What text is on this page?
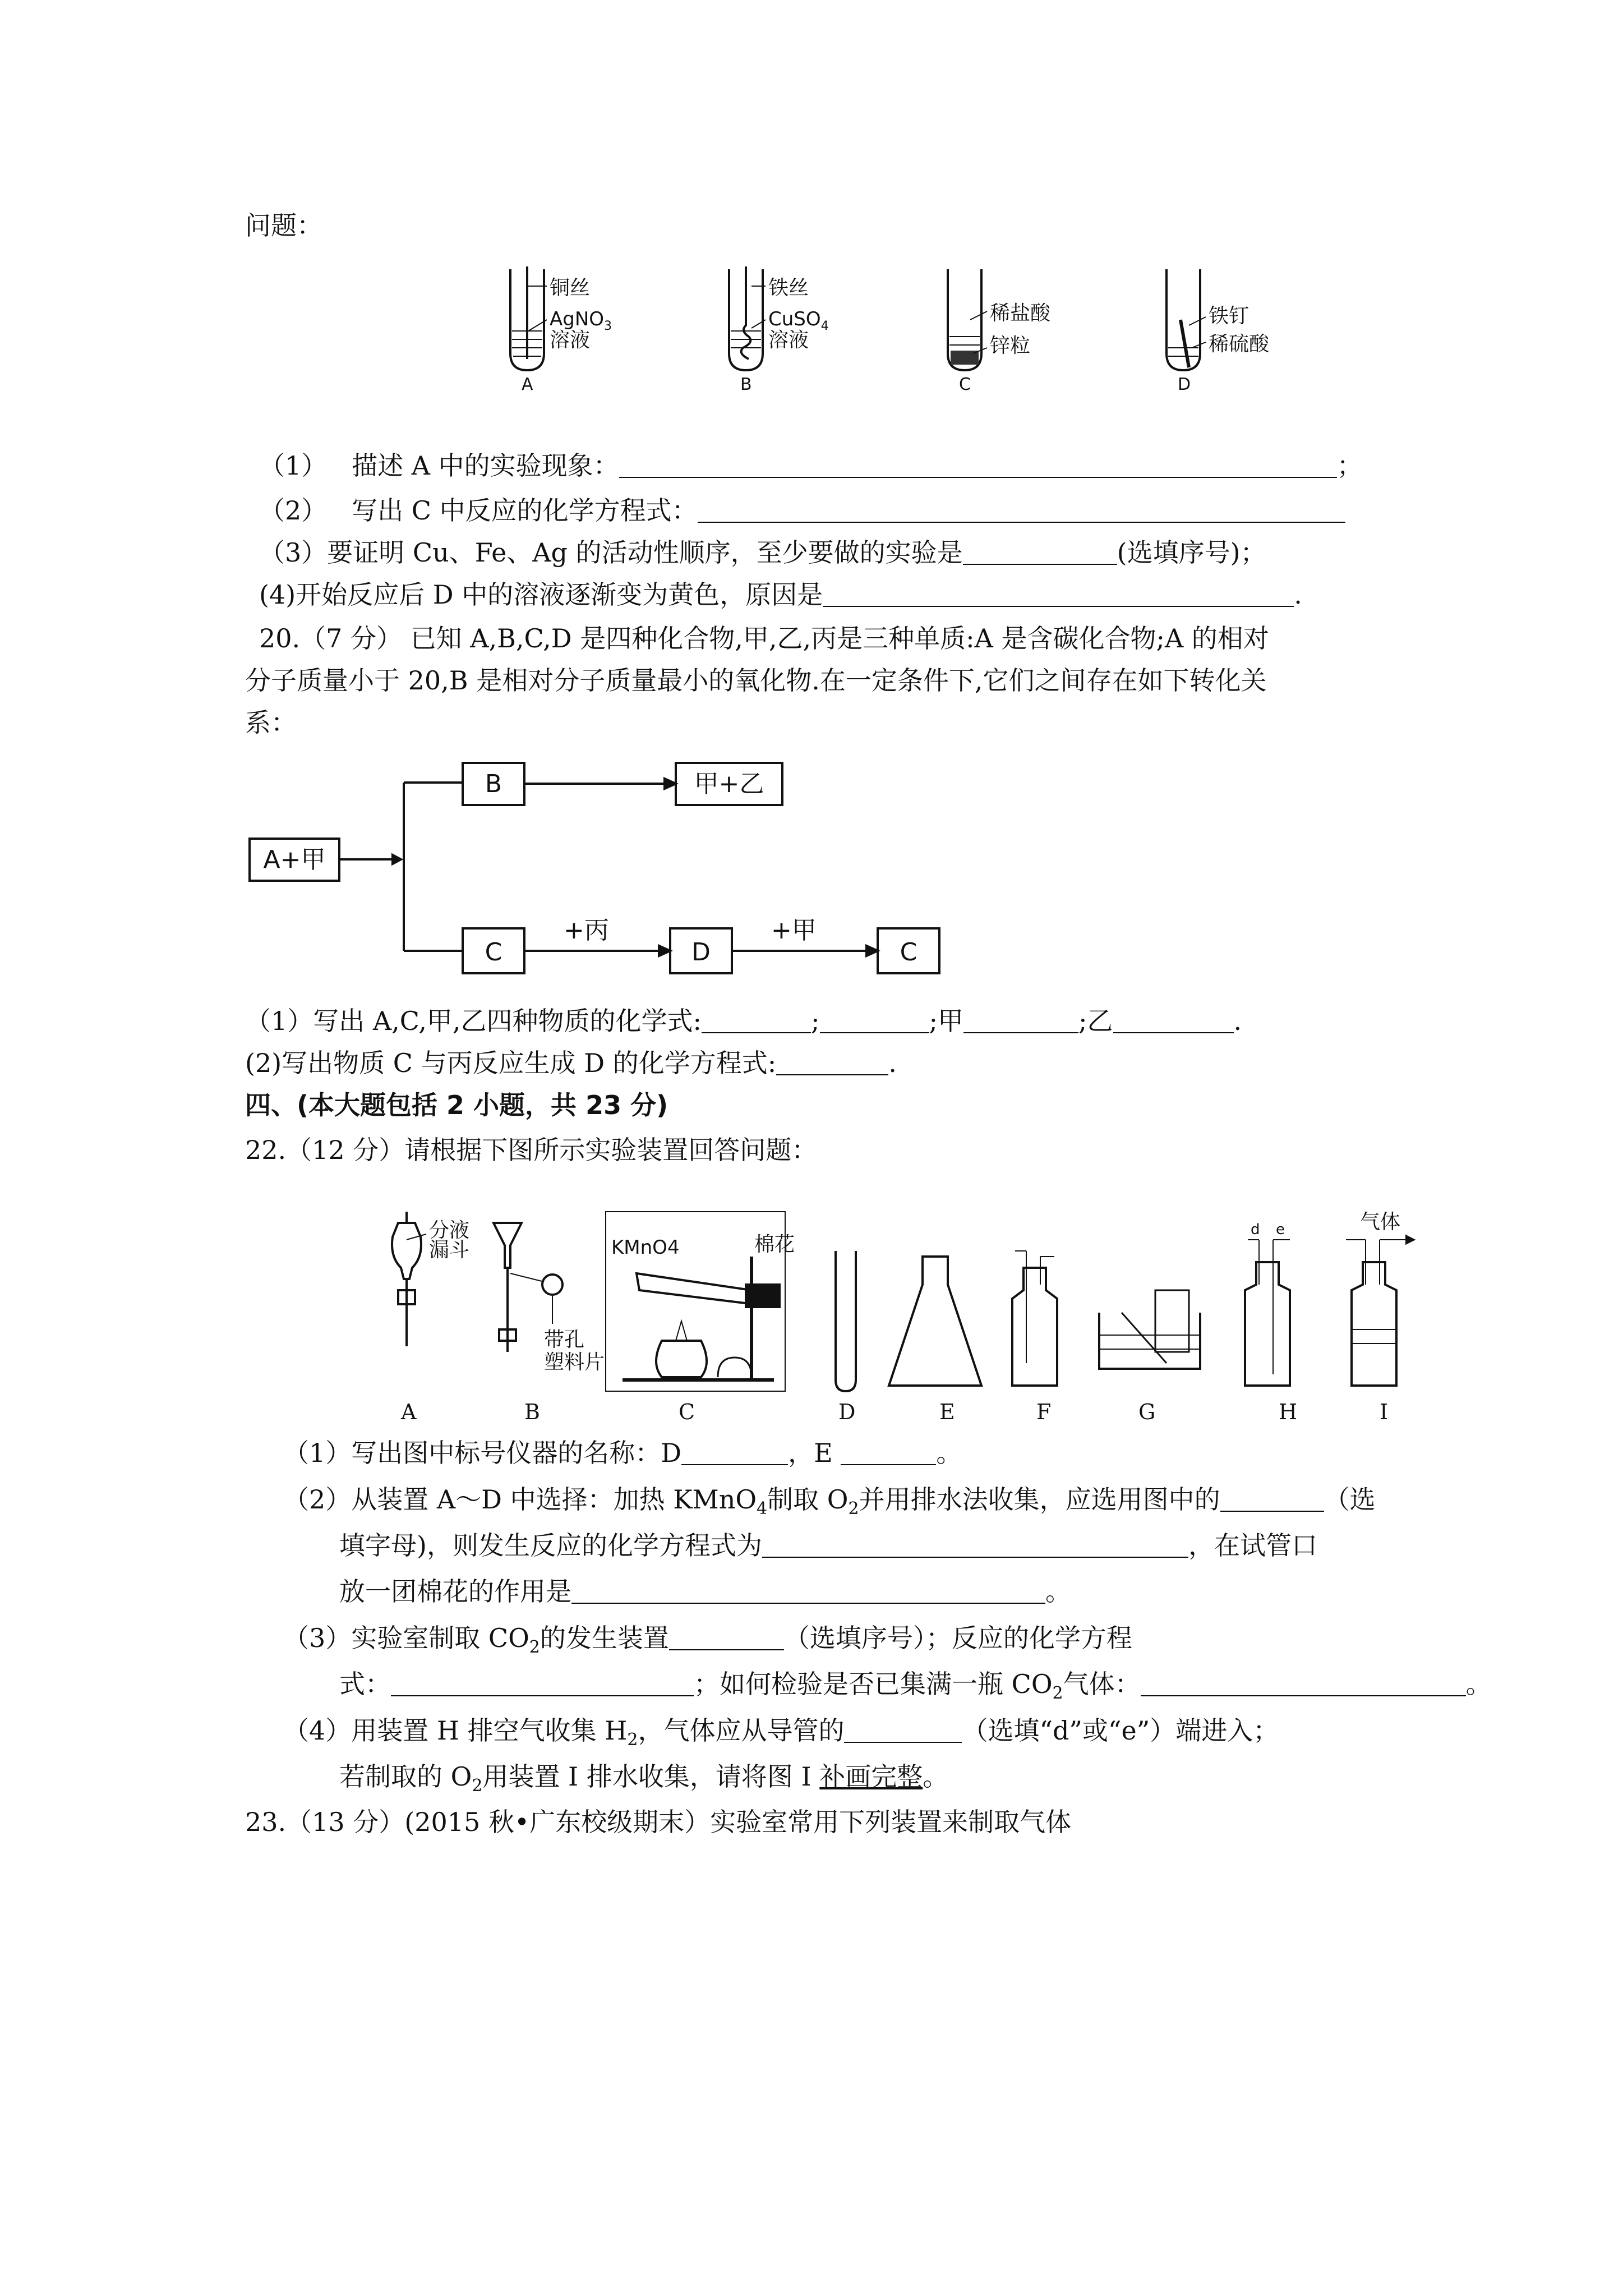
问题：
铜丝
AgNO$_3$
溶液
A
铁丝
CuSO$_4$
溶液
B
稀盐酸
锌粒
C
铁钉
稀硫酸
D
（1） 描述 A 中的实验现象：	；
（2） 写出 C 中反应的化学方程式：
（3）要证明 Cu、Fe、Ag 的活动性顺序，至少要做的实验是	(选填序号)；
(4)开始反应后 D 中的溶液逐渐变为黄色，原因是	.
20.（7 分） 已知 A,B,C,D 是四种化合物,甲,乙,丙是三种单质:A 是含碳化合物;A 的相对
分子质量小于 20,B 是相对分子质量最小的氧化物.在一定条件下,它们之间存在如下转化关
系：
A+甲
B	甲+乙
C	D	C
+丙	+甲
（1）写出 A,C,甲,乙四种物质的化学式:	;	;甲	;乙	.
(2)写出物质 C 与丙反应生成 D 的化学方程式:	.
四、(本大题包括 2 小题，共 23 分)
22.（12 分）请根据下图所示实验装置回答问题：
分液
漏斗
带孔
塑料片
KMnO4	棉花
气体
d e
A	B	C	D	E	F	G	H	I
（1）写出图中标号仪器的名称：D	，E	。
（2）从装置 A～D 中选择：加热 KMnO$_4$制取 $O_2$并用排水法收集，应选用图中的	（选
填字母)，则发生反应的化学方程式为	，在试管口
放一团棉花的作用是	。
（3）实验室制取 $CO_2$的发生装置	（选填序号）；反应的化学方程
式：	；如何检验是否已集满一瓶 $CO_2$气体：	。
（4）用装置 H 排空气收集 $H_2$，气体应从导管的	（选填“d”或“e”）端进入；
若制取的 $O_2$用装置 I 排水收集，请将图 I 补画完整。
23.（13 分）(2015 秋•广东校级期末）实验室常用下列装置来制取气体
